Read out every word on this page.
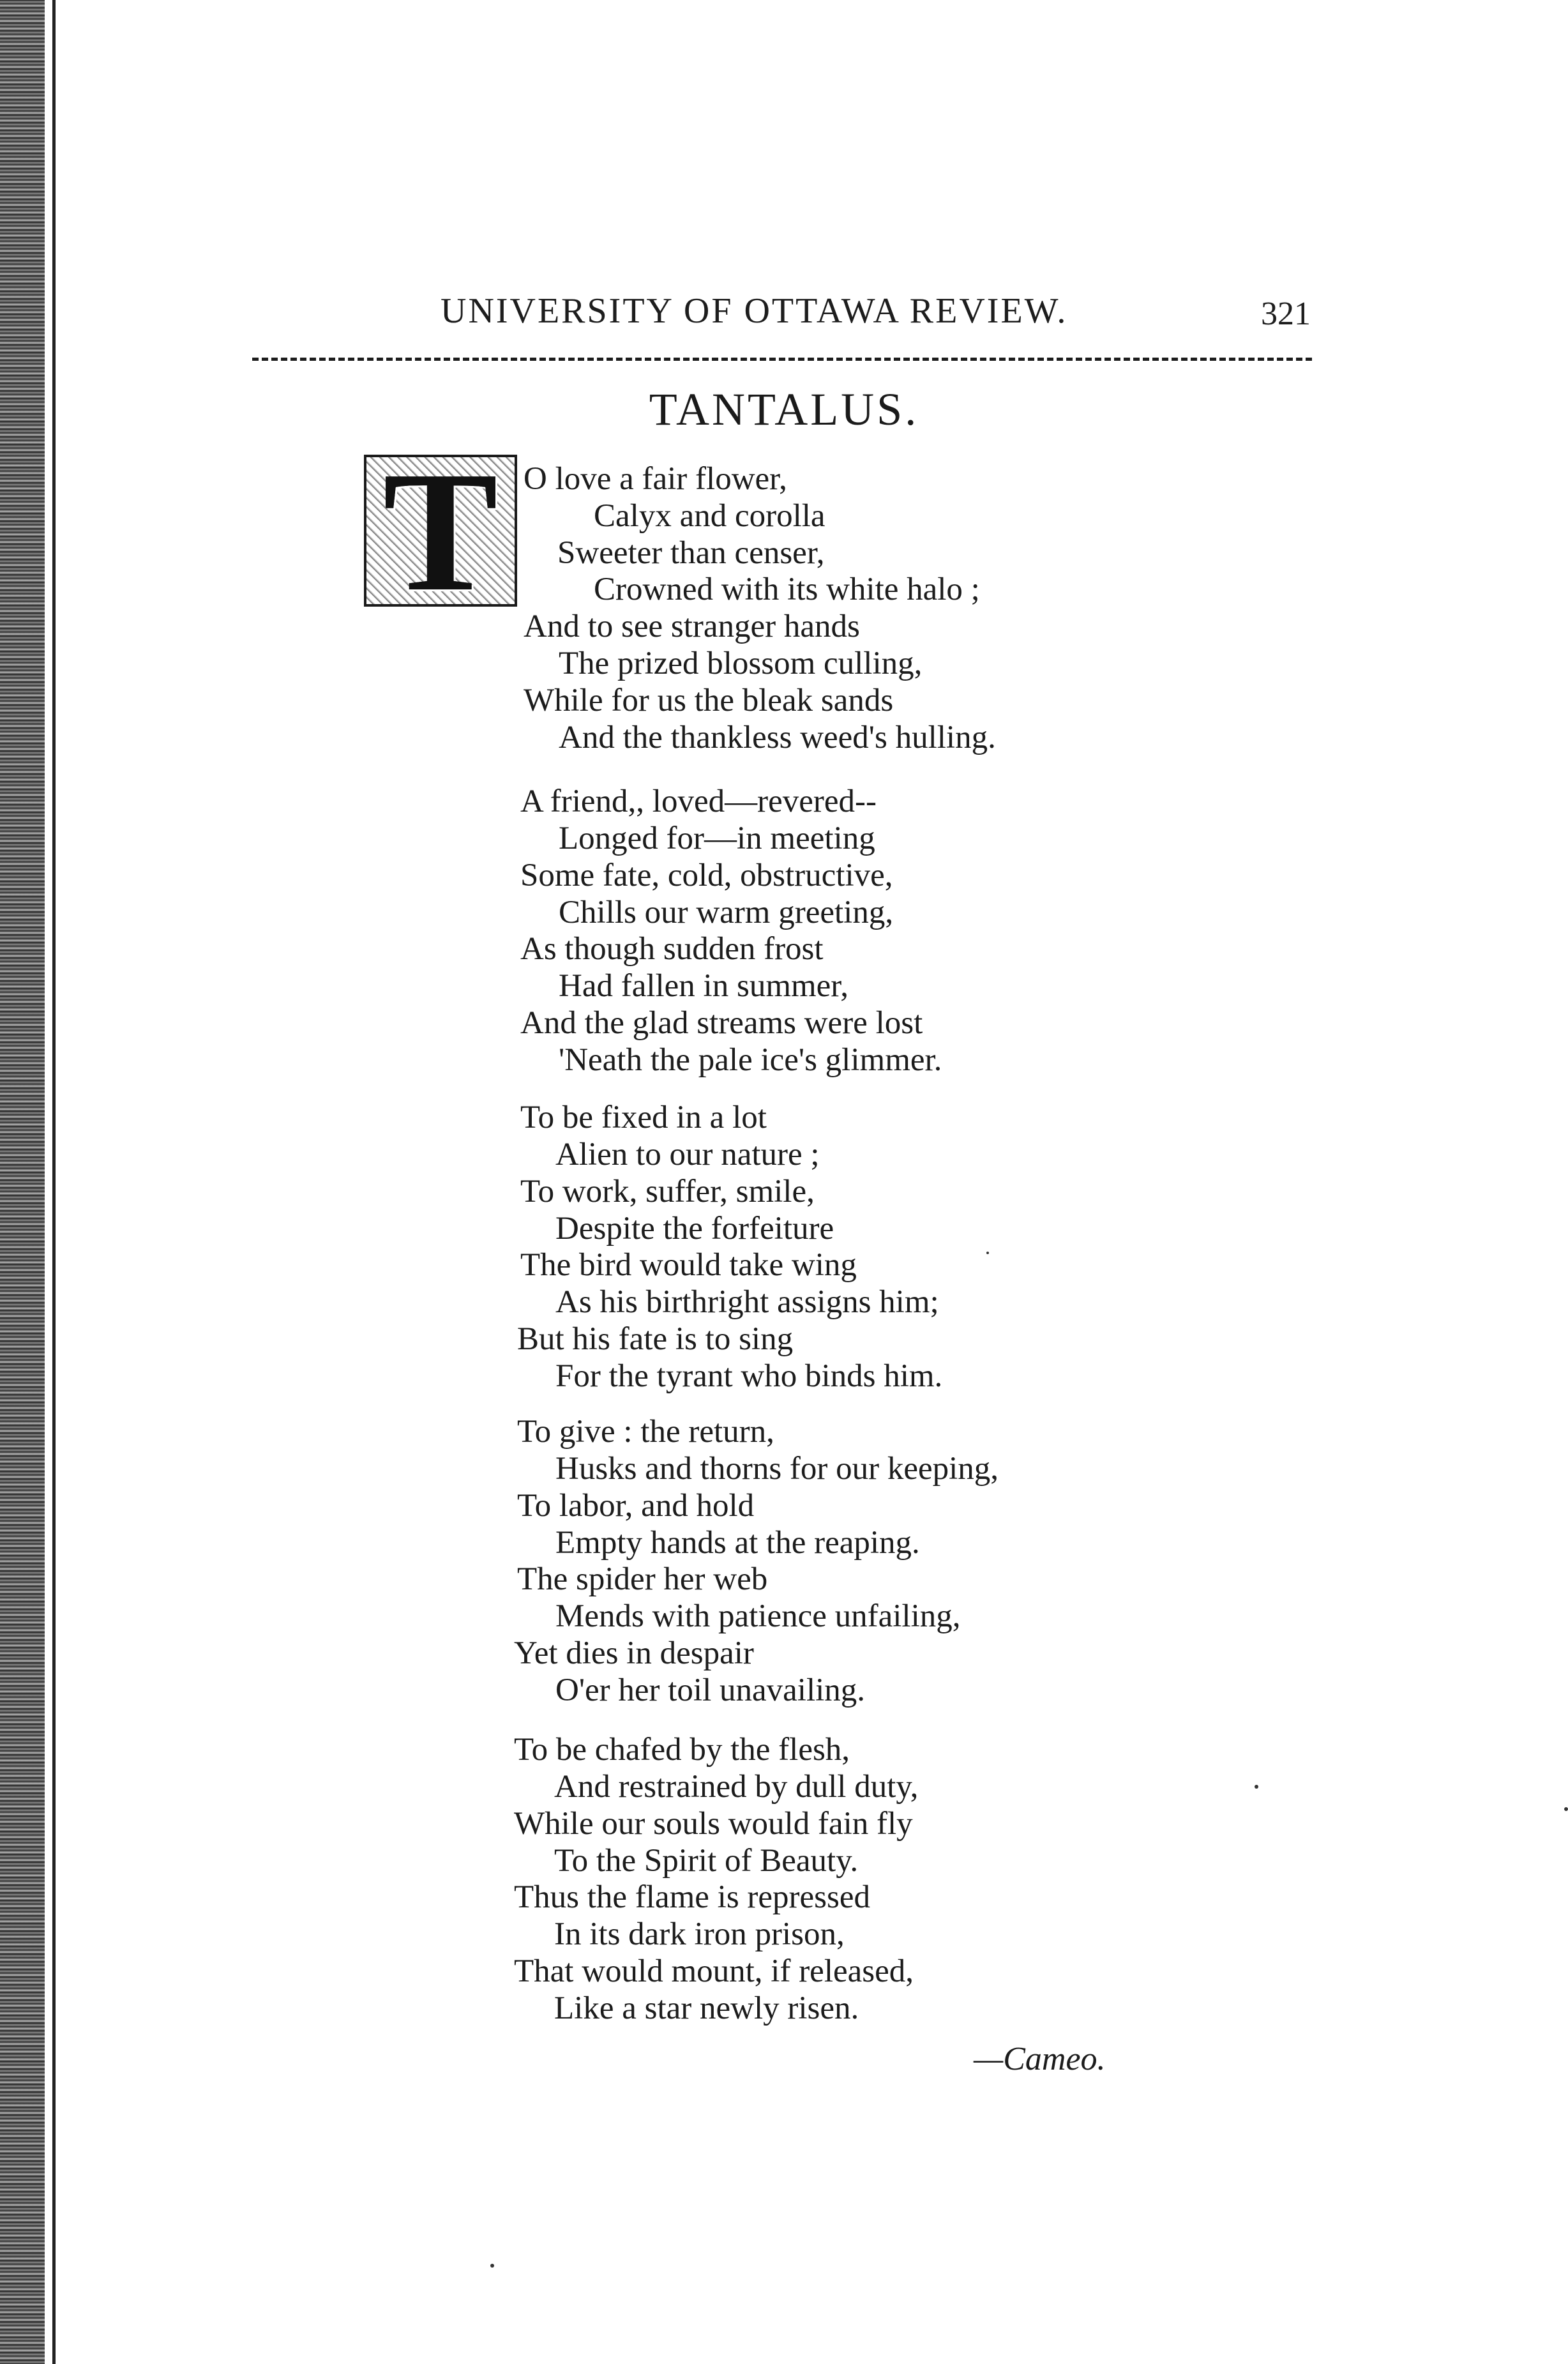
UNIVERSITY OF OTTAWA REVIEW.	321
TANTALUS.
T O love a fair flower,
Calyx and corolla
Sweeter than censer,
Crowned with its white halo ;
And to see stranger hands
The prized blossom culling,
While for us the bleak sands
And the thankless weed's hulling.
A friend,, loved—revered--
Longed for—in meeting
Some fate, cold, obstructive,
Chills our warm greeting,
As though sudden frost
Had fallen in summer,
And the glad streams were lost
'Neath the pale ice's glimmer.
To be fixed in a lot
Alien to our nature ;
To work, suffer, smile,
Despite the forfeiture
The bird would take wing
As his birthright assigns him;
But his fate is to sing
For the tyrant who binds him.
To give : the return,
Husks and thorns for our keeping,
To labor, and hold
Empty hands at the reaping.
The spider her web
Mends with patience unfailing,
Yet dies in despair
O'er her toil unavailing.
To be chafed by the flesh,
And restrained by dull duty,
While our souls would fain fly
To the Spirit of Beauty.
Thus the flame is repressed
In its dark iron prison,
That would mount, if released,
Like a star newly risen.
—Cameo.
